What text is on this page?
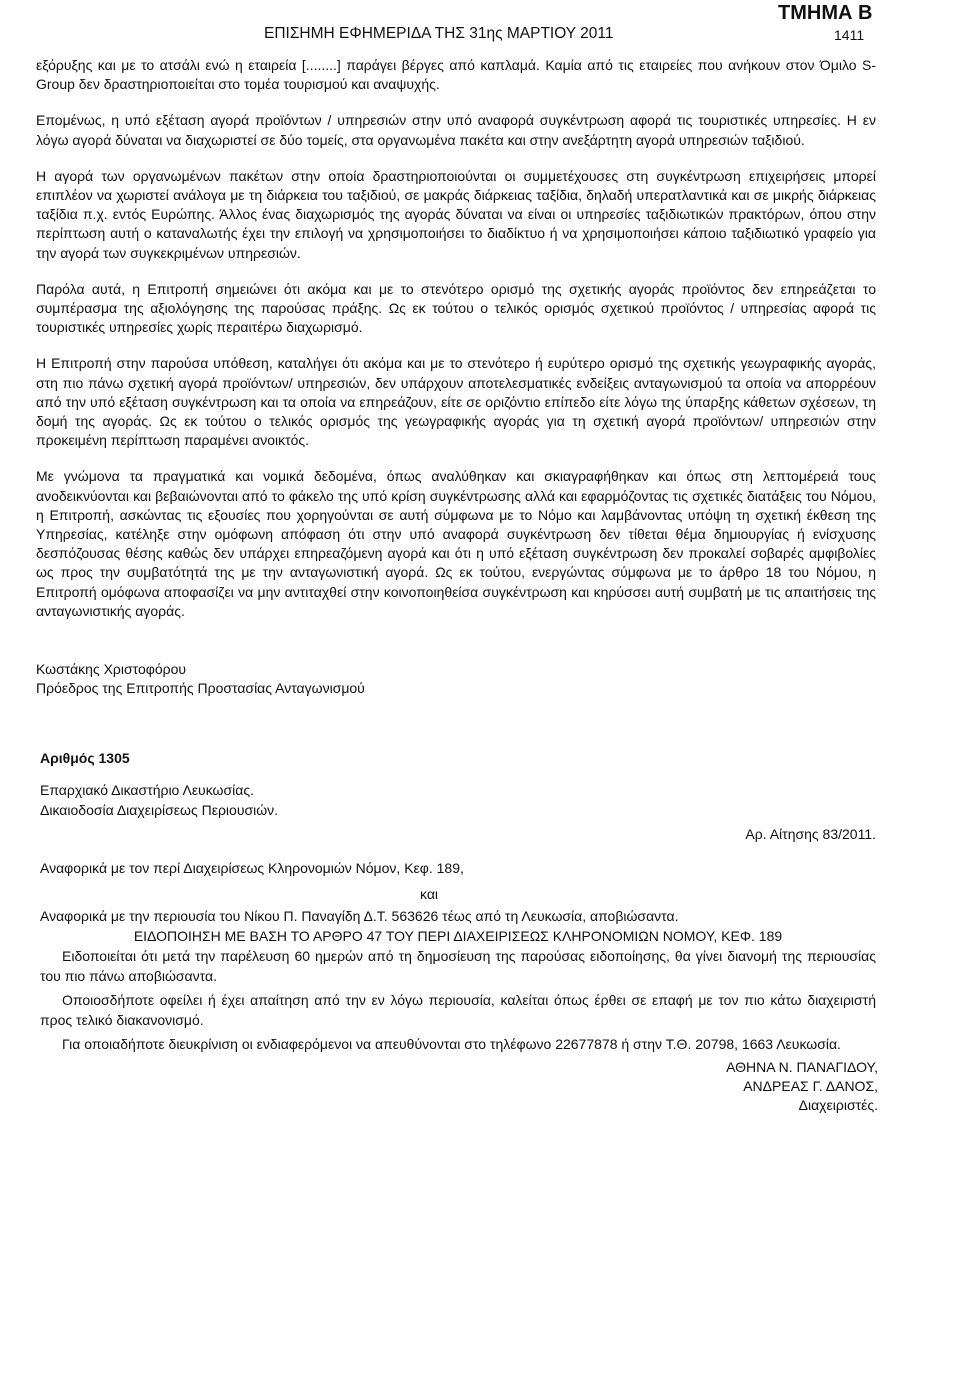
ΤΜΗΜΑ Β
ΕΠΙΣΗΜΗ ΕΦΗΜΕΡΙΔΑ ΤΗΣ 31ης ΜΑΡΤΙΟΥ 2011	1411

εξόρυξης και με το ατσάλι ενώ η εταιρεία [........] παράγει βέργες από καπλαμά. Καμία από τις εταιρείες που ανήκουν στον Όμιλο S-Group δεν δραστηριοποιείται στο τομέα τουρισμού και αναψυχής.

Επομένως, η υπό εξέταση αγορά προϊόντων / υπηρεσιών στην υπό αναφορά συγκέντρωση αφορά τις τουριστικές υπηρεσίες. Η εν λόγω αγορά δύναται να διαχωριστεί σε δύο τομείς, στα οργανωμένα πακέτα και στην ανεξάρτητη αγορά υπηρεσιών ταξιδιού.

Η αγορά των οργανωμένων πακέτων στην οποία δραστηριοποιούνται οι συμμετέχουσες στη συγκέντρωση επιχειρήσεις μπορεί επιπλέον να χωριστεί ανάλογα με τη διάρκεια του ταξιδιού, σε μακράς διάρκειας ταξίδια, δηλαδή υπερατλαντικά και σε μικρής διάρκειας ταξίδια π.χ. εντός Ευρώπης. Άλλος ένας διαχωρισμός της αγοράς δύναται να είναι οι υπηρεσίες ταξιδιωτικών πρακτόρων, όπου στην περίπτωση αυτή ο καταναλωτής έχει την επιλογή να χρησιμοποιήσει το διαδίκτυο ή να χρησιμοποιήσει κάποιο ταξιδιωτικό γραφείο για την αγορά των συγκεκριμένων υπηρεσιών.

Παρόλα αυτά, η Επιτροπή σημειώνει ότι ακόμα και με το στενότερο ορισμό της σχετικής αγοράς προϊόντος δεν επηρεάζεται το συμπέρασμα της αξιολόγησης της παρούσας πράξης. Ως εκ τούτου ο τελικός ορισμός σχετικού προϊόντος / υπηρεσίας αφορά τις τουριστικές υπηρεσίες χωρίς περαιτέρω διαχωρισμό.

Η Επιτροπή στην παρούσα υπόθεση, καταλήγει ότι ακόμα και με το στενότερο ή ευρύτερο ορισμό της σχετικής γεωγραφικής αγοράς, στη πιο πάνω σχετική αγορά προϊόντων/ υπηρεσιών, δεν υπάρχουν αποτελεσματικές ενδείξεις ανταγωνισμού τα οποία να απορρέουν από την υπό εξέταση συγκέντρωση και τα οποία να επηρεάζουν, είτε σε οριζόντιο επίπεδο είτε λόγω της ύπαρξης κάθετων σχέσεων, τη δομή της αγοράς. Ως εκ τούτου ο τελικός ορισμός της γεωγραφικής αγοράς για τη σχετική αγορά προϊόντων/ υπηρεσιών στην προκειμένη περίπτωση παραμένει ανοικτός.

Με γνώμονα τα πραγματικά και νομικά δεδομένα, όπως αναλύθηκαν και σκιαγραφήθηκαν και όπως στη λεπτομέρειά τους ανοδεικνύονται και βεβαιώνονται από το φάκελο της υπό κρίση συγκέντρωσης αλλά και εφαρμόζοντας τις σχετικές διατάξεις του Νόμου, η Επιτροπή, ασκώντας τις εξουσίες που χορηγούνται σε αυτή σύμφωνα με το Νόμο και λαμβάνοντας υπόψη τη σχετική έκθεση της Υπηρεσίας, κατέληξε στην ομόφωνη απόφαση ότι στην υπό αναφορά συγκέντρωση δεν τίθεται θέμα δημιουργίας ή ενίσχυσης δεσπόζουσας θέσης καθώς δεν υπάρχει επηρεαζόμενη αγορά και ότι η υπό εξέταση συγκέντρωση δεν προκαλεί σοβαρές αμφιβολίες ως προς την συμβατότητά της με την ανταγωνιστική αγορά. Ως εκ τούτου, ενεργώντας σύμφωνα με το άρθρο 18 του Νόμου, η Επιτροπή ομόφωνα αποφασίζει να μην αντιταχθεί στην κοινοποιηθείσα συγκέντρωση και κηρύσσει αυτή συμβατή με τις απαιτήσεις της ανταγωνιστικής αγοράς.

Κωστάκης Χριστοφόρου
Πρόεδρος της Επιτροπής Προστασίας Ανταγωνισμού
Αριθμός 1305
Επαρχιακό Δικαστήριο Λευκωσίας.
Δικαιοδοσία Διαχειρίσεως Περιουσιών.
Αρ. Αίτησης 83/2011.
Αναφορικά με τον περί Διαχειρίσεως Κληρονομιών Νόμον, Κεφ. 189,
και
Αναφορικά με την περιουσία του Νίκου Π. Παναγίδη Δ.Τ. 563626 τέως από τη Λευκωσία, αποβιώσαντα.
ΕΙΔΟΠΟΙΗΣΗ ΜΕ ΒΑΣΗ ΤΟ ΑΡΘΡΟ 47 ΤΟΥ ΠΕΡΙ ΔΙΑΧΕΙΡΙΣΕΩΣ ΚΛΗΡΟΝΟΜΙΩΝ ΝΟΜΟΥ, ΚΕΦ. 189

Ειδοποιείται ότι μετά την παρέλευση 60 ημερών από τη δημοσίευση της παρούσας ειδοποίησης, θα γίνει διανομή της περιουσίας του πιο πάνω αποβιώσαντα.

Οποιοσδήποτε οφείλει ή έχει απαίτηση από την εν λόγω περιουσία, καλείται όπως έρθει σε επαφή με τον πιο κάτω διαχειριστή προς τελικό διακανονισμό.

Για οποιαδήποτε διευκρίνιση οι ενδιαφερόμενοι να απευθύνονται στο τηλέφωνο 22677878 ή στην Τ.Θ. 20798, 1663 Λευκωσία.

ΑΘΗΝΑ Ν. ΠΑΝΑΓΙΔΟΥ,
ΑΝΔΡΕΑΣ Γ. ΔΑΝΟΣ,
Διαχειριστές.
